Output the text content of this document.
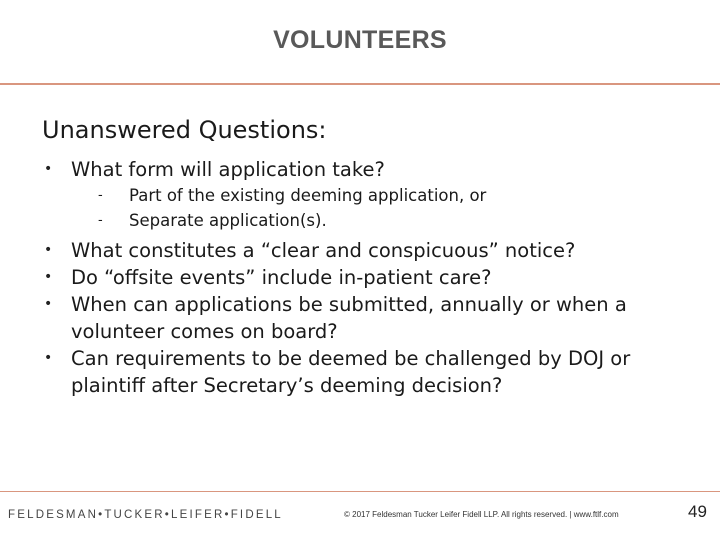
VOLUNTEERS
Unanswered Questions:
• What form will application take?
- Part of the existing deeming application, or
- Separate application(s).
• What constitutes a “clear and conspicuous” notice?
• Do “offsite events” include in-patient care?
• When can applications be submitted, annually or when a volunteer comes on board?
• Can requirements to be deemed be challenged by DOJ or plaintiff after Secretary’s deeming decision?
FELDESMAN•TUCKER•LEIFER•FIDELL	© 2017 Feldesman Tucker Leifer Fidell LLP. All rights reserved. | www.ftlf.com	49
